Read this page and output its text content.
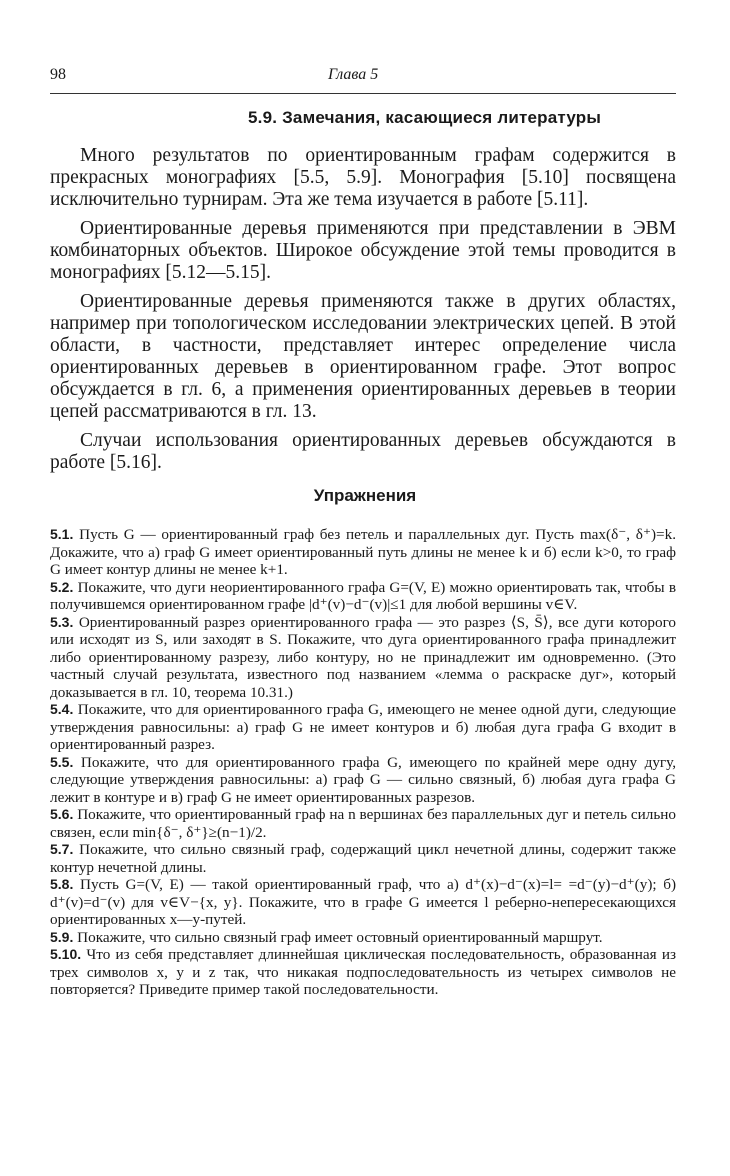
98	Глава 5
5.9. Замечания, касающиеся литературы

Много результатов по ориентированным графам содержится в прекрасных монографиях [5.5, 5.9]. Монография [5.10] посвящена исключительно турнирам. Эта же тема изучается в работе [5.11].

Ориентированные деревья применяются при представлении в ЭВМ комбинаторных объектов. Широкое обсуждение этой темы проводится в монографиях [5.12—5.15].

Ориентированные деревья применяются также в других областях, например при топологическом исследовании электрических цепей. В этой области, в частности, представляет интерес определение числа ориентированных деревьев в ориентированном графе. Этот вопрос обсуждается в гл. 6, а применения ориентированных деревьев в теории цепей рассматриваются в гл. 13.

Случаи использования ориентированных деревьев обсуждаются в работе [5.16].

Упражнения

5.1. Пусть G — ориентированный граф без петель и параллельных дуг. Пусть max(δ⁻, δ⁺)=k. Докажите, что а) граф G имеет ориентированный путь длины не менее k и б) если k>0, то граф G имеет контур длины не менее k+1.

5.2. Покажите, что дуги неориентированного графа G=(V, E) можно ориентировать так, чтобы в получившемся ориентированном графе |d⁺(v)−d⁻(v)|≤1 для любой вершины v∈V.

5.3. Ориентированный разрез ориентированного графа — это разрез ⟨S, S̄⟩, все дуги которого или исходят из S, или заходят в S. Покажите, что дуга ориентированного графа принадлежит либо ориентированному разрезу, либо контуру, но не принадлежит им одновременно. (Это частный случай результата, известного под названием «лемма о раскраске дуг», который доказывается в гл. 10, теорема 10.31.)

5.4. Покажите, что для ориентированного графа G, имеющего не менее одной дуги, следующие утверждения равносильны: а) граф G не имеет контуров и б) любая дуга графа G входит в ориентированный разрез.

5.5. Покажите, что для ориентированного графа G, имеющего по крайней мере одну дугу, следующие утверждения равносильны: а) граф G — сильно связный, б) любая дуга графа G лежит в контуре и в) граф G не имеет ориентированных разрезов.

5.6. Покажите, что ориентированный граф на n вершинах без параллельных дуг и петель сильно связен, если min{δ⁻, δ⁺}≥(n−1)/2.

5.7. Покажите, что сильно связный граф, содержащий цикл нечетной длины, содержит также контур нечетной длины.

5.8. Пусть G=(V, E) — такой ориентированный граф, что а) d⁺(x)−d⁻(x)=l= =d⁻(y)−d⁺(y); б) d⁺(v)=d⁻(v) для v∈V−{x, y}. Покажите, что в графе G имеется l реберно-непересекающихся ориентированных x—y-путей.

5.9. Покажите, что сильно связный граф имеет остовный ориентированный маршрут.

5.10. Что из себя представляет длиннейшая циклическая последовательность, образованная из трех символов x, y и z так, что никакая подпоследовательность из четырех символов не повторяется? Приведите пример такой последовательности.
